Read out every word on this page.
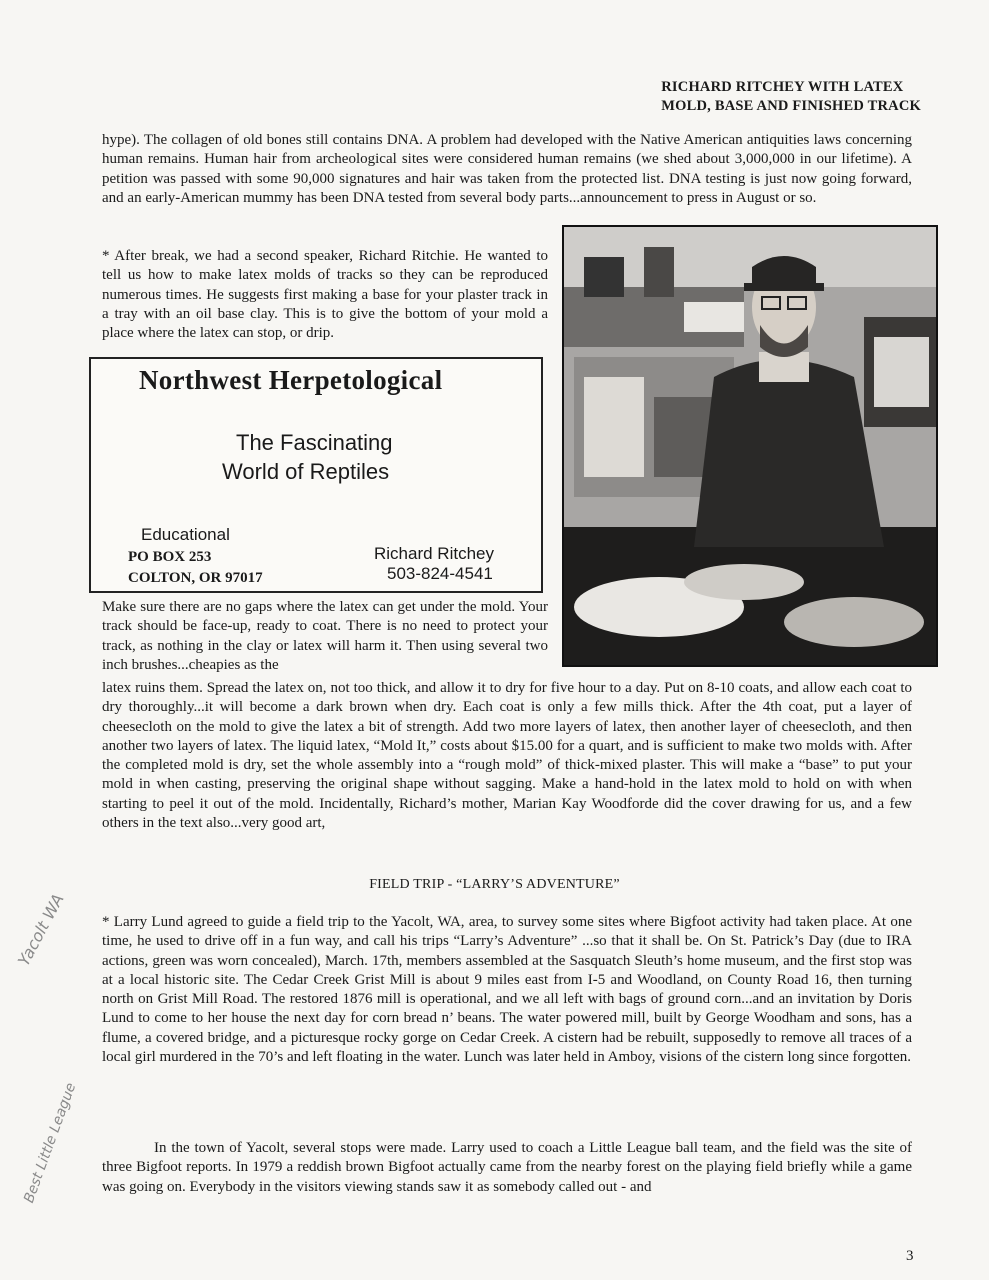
RICHARD RITCHEY WITH LATEX
MOLD, BASE AND FINISHED TRACK

hype). The collagen of old bones still contains DNA. A problem had developed with the Native American antiquities laws concerning human remains. Human hair from archeological sites were considered human remains (we shed about 3,000,000 in our lifetime). A petition was passed with some 90,000 signatures and hair was taken from the protected list. DNA testing is just now going forward, and an early-American mummy has been DNA tested from several body parts...announcement to press in August or so.

* After break, we had a second speaker, Richard Ritchie. He wanted to tell us how to make latex molds of tracks so they can be reproduced numerous times. He suggests first making a base for your plaster track in a tray with an oil base clay. This is to give the bottom of your mold a place where the latex can stop, or drip.

Northwest Herpetological
The Fascinating
World of Reptiles
Educational
PO BOX 253
COLTON, OR 97017
Richard Ritchey
503-824-4541

Make sure there are no gaps where the latex can get under the mold. Your track should be face-up, ready to coat. There is no need to protect your track, as nothing in the clay or latex will harm it. Then using several two inch brushes...cheapies as the

latex ruins them. Spread the latex on, not too thick, and allow it to dry for five hour to a day. Put on 8-10 coats, and allow each coat to dry thoroughly...it will become a dark brown when dry. Each coat is only a few mills thick. After the 4th coat, put a layer of cheesecloth on the mold to give the latex a bit of strength. Add two more layers of latex, then another layer of cheesecloth, and then another two layers of latex. The liquid latex, “Mold It,” costs about $15.00 for a quart, and is sufficient to make two molds with. After the completed mold is dry, set the whole assembly into a “rough mold” of thick-mixed plaster. This will make a “base” to put your mold in when casting, preserving the original shape without sagging. Make a hand-hold in the latex mold to hold on with when starting to peel it out of the mold. Incidentally, Richard’s mother, Marian Kay Woodforde did the cover drawing for us, and a few others in the text also...very good art,

FIELD TRIP - “LARRY’S ADVENTURE”

* Larry Lund agreed to guide a field trip to the Yacolt, WA, area, to survey some sites where Bigfoot activity had taken place. At one time, he used to drive off in a fun way, and call his trips “Larry’s Adventure” ...so that it shall be. On St. Patrick’s Day (due to IRA actions, green was worn concealed), March. 17th, members assembled at the Sasquatch Sleuth’s home museum, and the first stop was at a local historic site. The Cedar Creek Grist Mill is about 9 miles east from I-5 and Woodland, on County Road 16, then turning north on Grist Mill Road. The restored 1876 mill is operational, and we all left with bags of ground corn...and an invitation by Doris Lund to come to her house the next day for corn bread n’ beans. The water powered mill, built by George Woodham and sons, has a flume, a covered bridge, and a picturesque rocky gorge on Cedar Creek. A cistern had be rebuilt, supposedly to remove all traces of a local girl murdered in the 70’s and left floating in the water. Lunch was later held in Amboy, visions of the cistern long since forgotten.

In the town of Yacolt, several stops were made. Larry used to coach a Little League ball team, and the field was the site of three Bigfoot reports. In 1979 a reddish brown Bigfoot actually came from the nearby forest on the playing field briefly while a game was going on. Everybody in the visitors viewing stands saw it as somebody called out - and

Yacolt WA
Best Little League
3
